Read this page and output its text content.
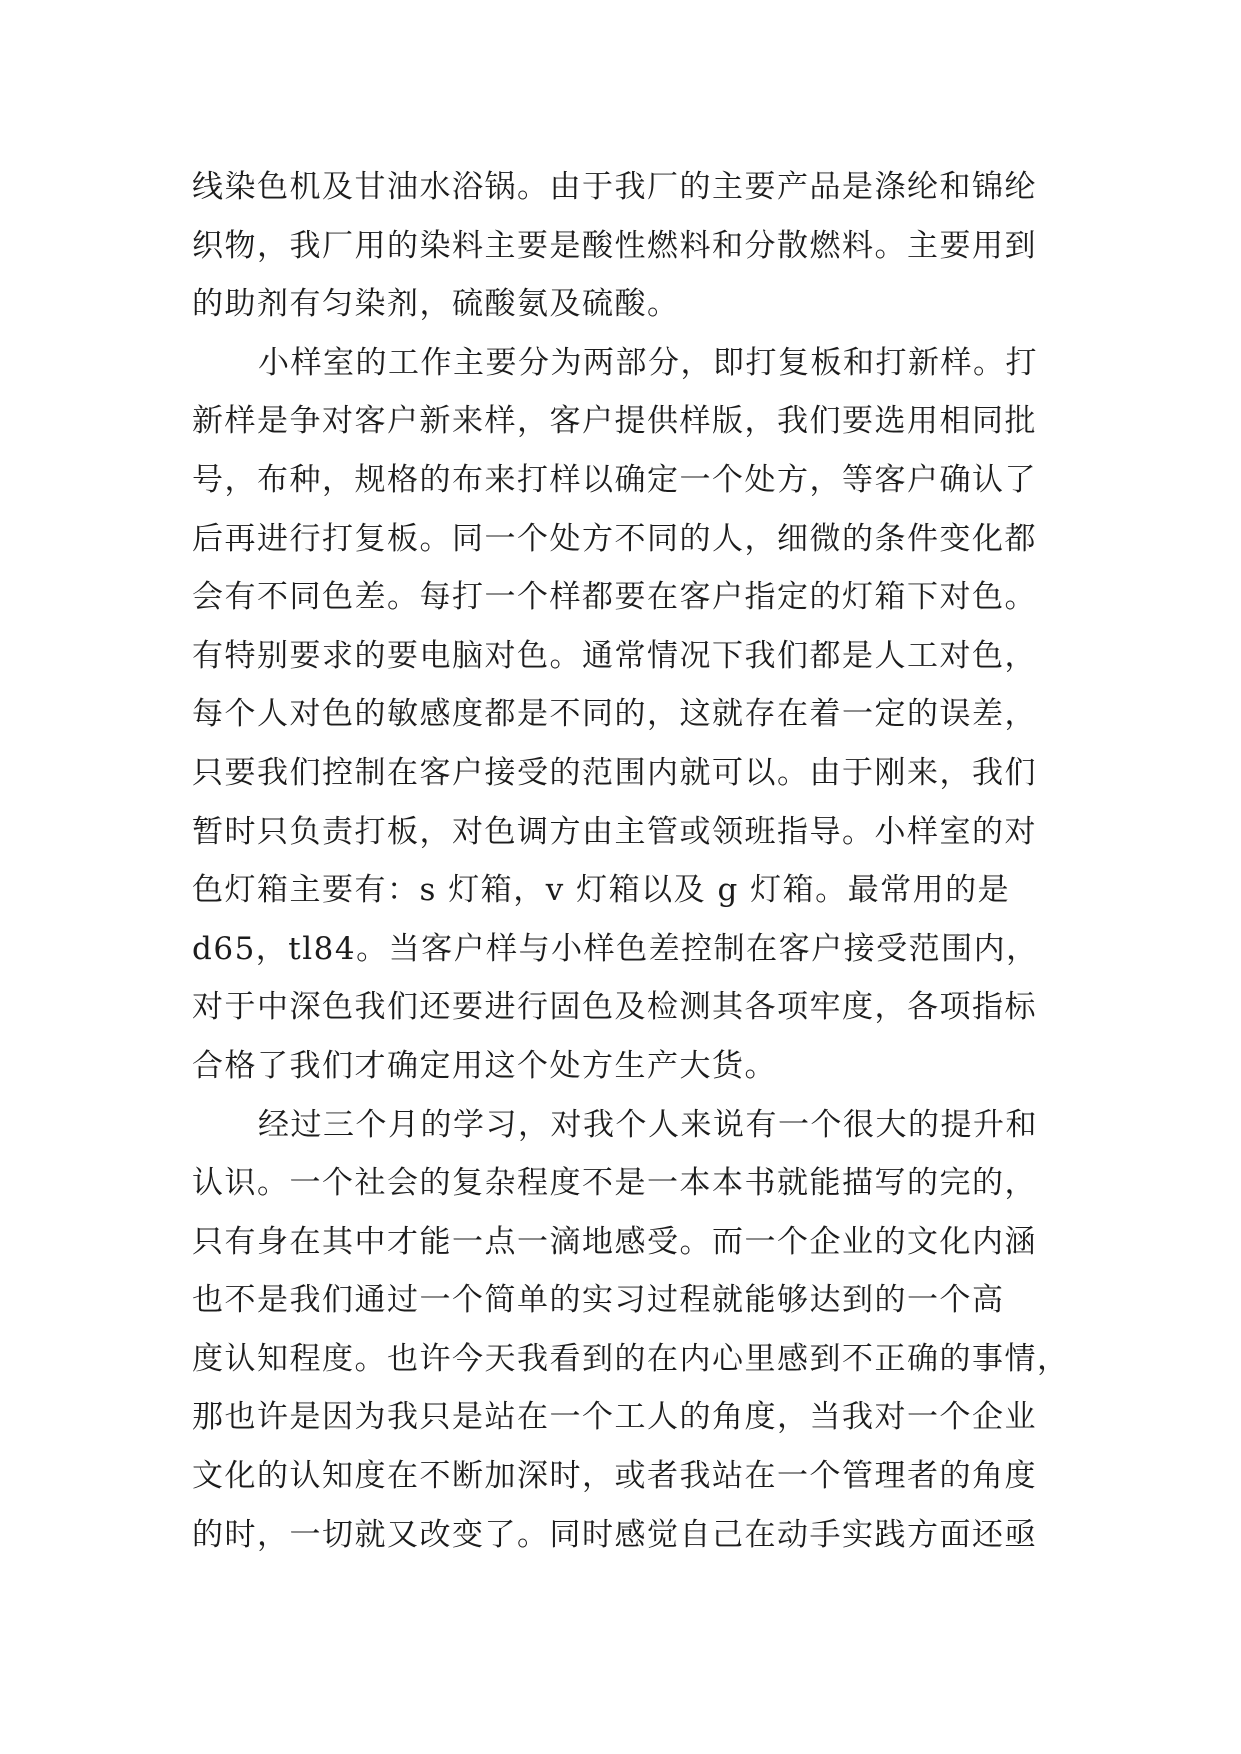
线染色机及甘油水浴锅。由于我厂的主要产品是涤纶和锦纶
织物，我厂用的染料主要是酸性燃料和分散燃料。主要用到
的助剂有匀染剂，硫酸氨及硫酸。
小样室的工作主要分为两部分，即打复板和打新样。打
新样是争对客户新来样，客户提供样版，我们要选用相同批
号，布种，规格的布来打样以确定一个处方，等客户确认了
后再进行打复板。同一个处方不同的人，细微的条件变化都
会有不同色差。每打一个样都要在客户指定的灯箱下对色。
有特别要求的要电脑对色。通常情况下我们都是人工对色，
每个人对色的敏感度都是不同的，这就存在着一定的误差，
只要我们控制在客户接受的范围内就可以。由于刚来，我们
暂时只负责打板，对色调方由主管或领班指导。小样室的对
色灯箱主要有：s 灯箱，v 灯箱以及 g 灯箱。最常用的是
d65，tl84。当客户样与小样色差控制在客户接受范围内，
对于中深色我们还要进行固色及检测其各项牢度，各项指标
合格了我们才确定用这个处方生产大货。
经过三个月的学习，对我个人来说有一个很大的提升和
认识。一个社会的复杂程度不是一本本书就能描写的完的，
只有身在其中才能一点一滴地感受。而一个企业的文化内涵
也不是我们通过一个简单的实习过程就能够达到的一个高
度认知程度。也许今天我看到的在内心里感到不正确的事情，
那也许是因为我只是站在一个工人的角度，当我对一个企业
文化的认知度在不断加深时，或者我站在一个管理者的角度
的时，一切就又改变了。同时感觉自己在动手实践方面还亟
